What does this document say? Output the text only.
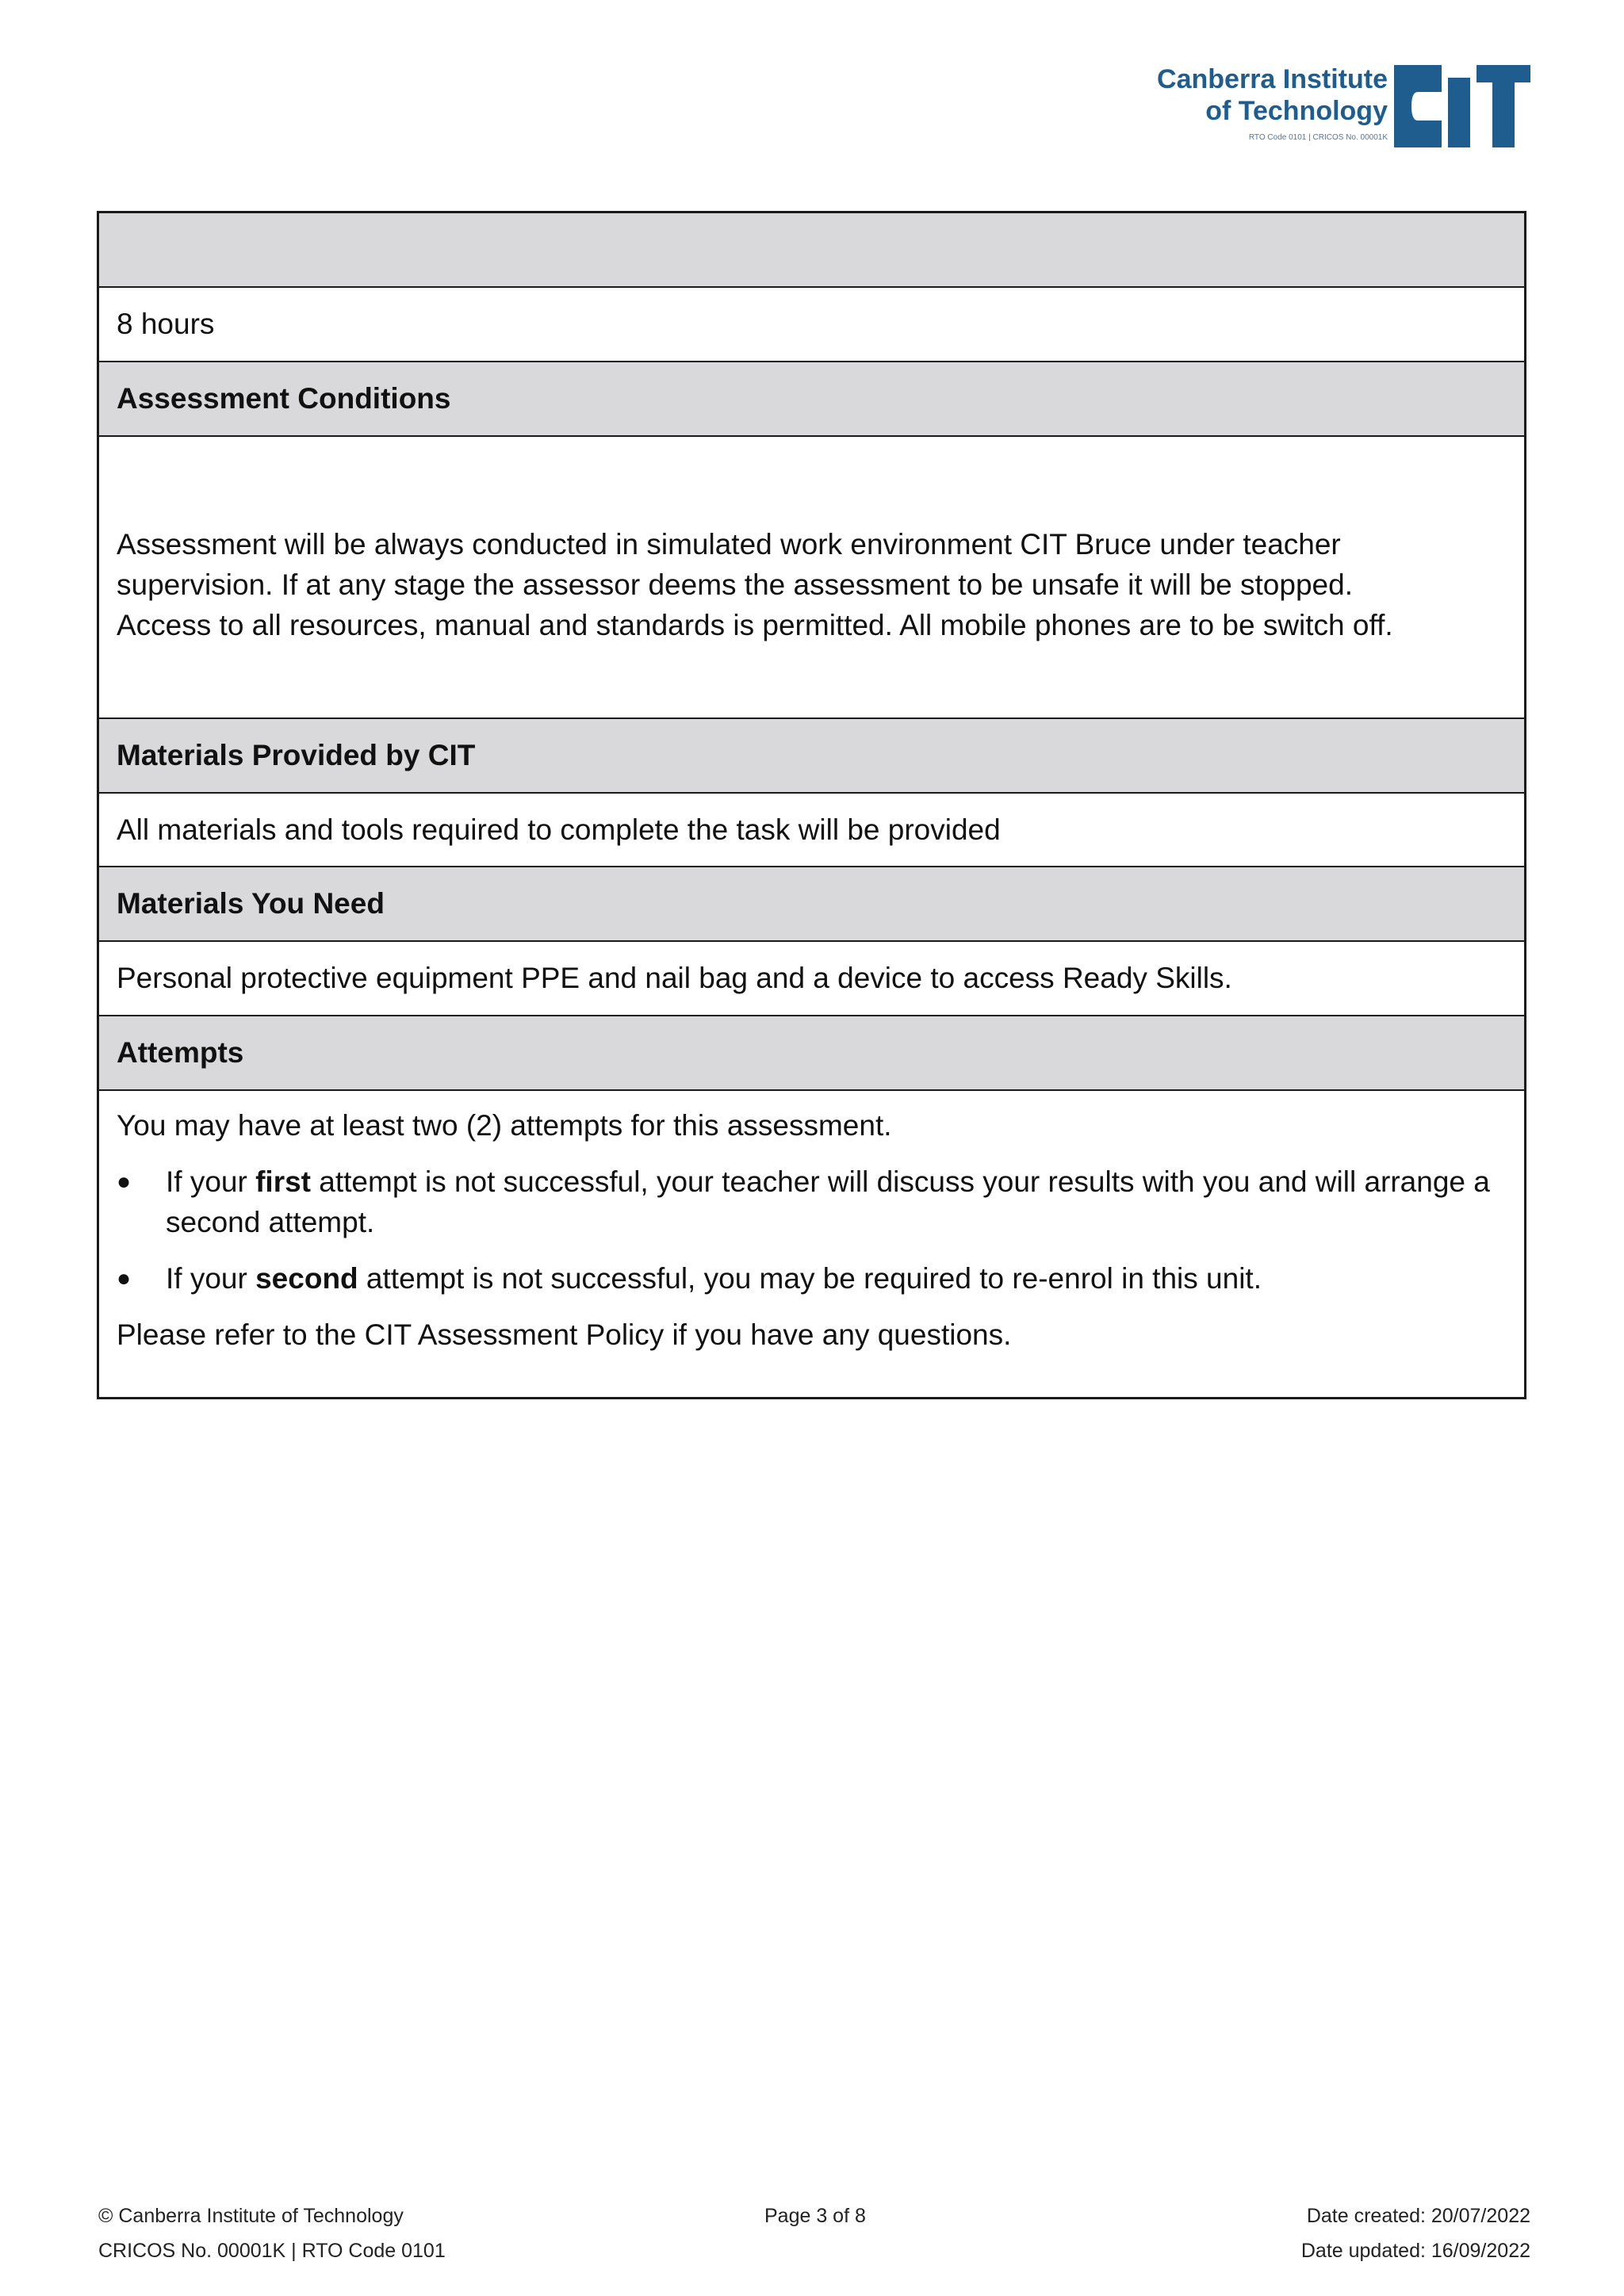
Canberra Institute
of Technology
RTO Code 0101 | CRICOS No. 00001K
8 hours
Assessment Conditions
Assessment will be always conducted in simulated work environment CIT Bruce under teacher
supervision. If at any stage the assessor deems the assessment to be unsafe it will be stopped.
Access to all resources, manual and standards is permitted. All mobile phones are to be switch off.
Materials Provided by CIT
All materials and tools required to complete the task will be provided
Materials You Need
Personal protective equipment PPE and nail bag and a device to access Ready Skills.
Attempts
You may have at least two (2) attempts for this assessment.
●	If your first attempt is not successful, your teacher will discuss your results with you and will arrange a second attempt.
●	If your second attempt is not successful, you may be required to re-enrol in this unit.
Please refer to the CIT Assessment Policy if you have any questions.
© Canberra Institute of Technology
CRICOS No. 00001K | RTO Code 0101
Page 3 of 8	Date created: 20/07/2022
Date updated: 16/09/2022
